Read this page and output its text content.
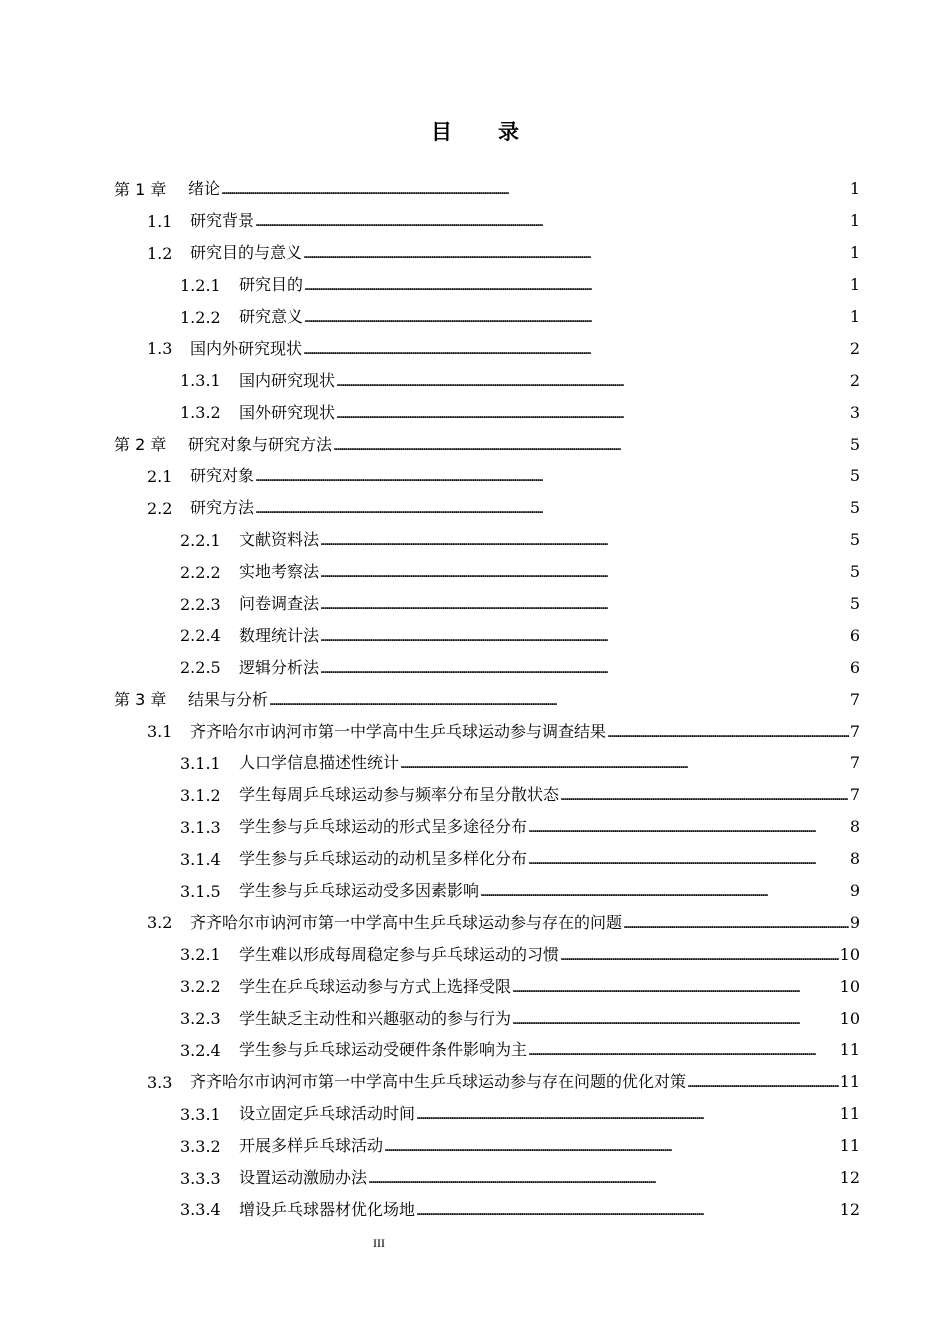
目 录
第 1 章 绪论 . . .	1
1.1 研究背景 . . .	1
1.2 研究目的与意义 . . .	1
1.2.1 研究目的 . . .	1
1.2.2 研究意义 . . .	1
1.3 国内外研究现状 . . .	2
1.3.1 国内研究现状 . . .	2
1.3.2 国外研究现状 . . .	3
第 2 章 研究对象与研究方法 . . .	5
2.1 研究对象 . . .	5
2.2 研究方法 . . .	5
2.2.1 文献资料法 . . .	5
2.2.2 实地考察法 . . .	5
2.2.3 问卷调查法 . . .	5
2.2.4 数理统计法 . . .	6
2.2.5 逻辑分析法 . . .	6
第 3 章 结果与分析 . . .	7
3.1 齐齐哈尔市讷河市第一中学高中生乒乓球运动参与调查结果 . . .	7
3.1.1 人口学信息描述性统计 . . .	7
3.1.2 学生每周乒乓球运动参与频率分布呈分散状态 . . .	7
3.1.3 学生参与乒乓球运动的形式呈多途径分布 . . .	8
3.1.4 学生参与乒乓球运动的动机呈多样化分布 . . .	8
3.1.5 学生参与乒乓球运动受多因素影响 . . .	9
3.2 齐齐哈尔市讷河市第一中学高中生乒乓球运动参与存在的问题 . . .	9
3.2.1 学生难以形成每周稳定参与乒乓球运动的习惯 . . .	10
3.2.2 学生在乒乓球运动参与方式上选择受限 . . .	10
3.2.3 学生缺乏主动性和兴趣驱动的参与行为 . . .	10
3.2.4 学生参与乒乓球运动受硬件条件影响为主 . . .	11
3.3 齐齐哈尔市讷河市第一中学高中生乒乓球运动参与存在问题的优化对策 . . .	11
3.3.1 设立固定乒乓球活动时间 . . .	11
3.3.2 开展多样乒乓球活动 . . .	11
3.3.3 设置运动激励办法 . . .	12
3.3.4 增设乒乓球器材优化场地 . . .	12
III
